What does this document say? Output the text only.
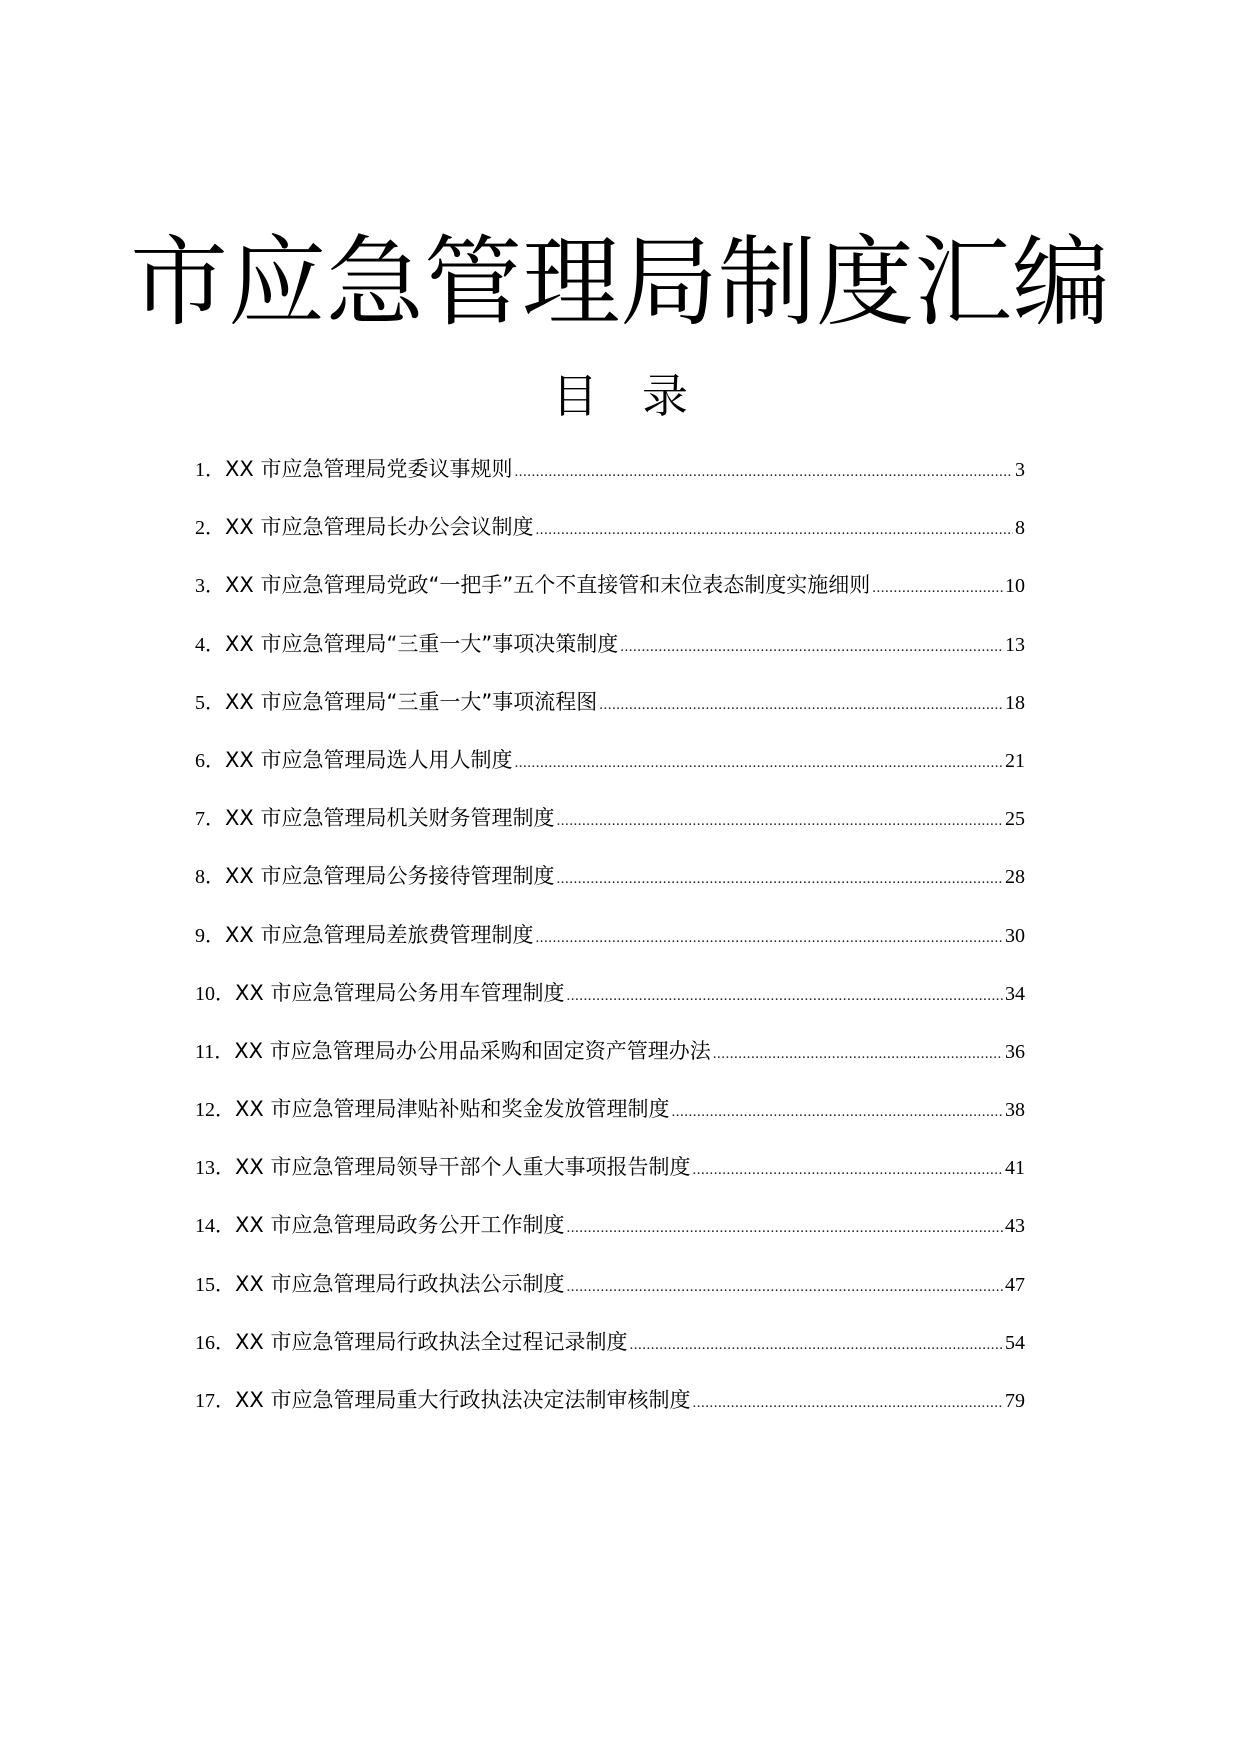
市应急管理局制度汇编
目录
1． XX 市应急管理局党委议事规则 .....	3
2． XX 市应急管理局长办公会议制度 .....	8
3． XX 市应急管理局党政“一把手”五个不直接管和末位表态制度实施细则 .....	10
4． XX 市应急管理局“三重一大”事项决策制度 .....	13
5． XX 市应急管理局“三重一大”事项流程图 .....	18
6． XX 市应急管理局选人用人制度 .....	21
7． XX 市应急管理局机关财务管理制度 .....	25
8． XX 市应急管理局公务接待管理制度 .....	28
9． XX 市应急管理局差旅费管理制度 .....	30
10． XX 市应急管理局公务用车管理制度 .....	34
11． XX 市应急管理局办公用品采购和固定资产管理办法 .....	36
12． XX 市应急管理局津贴补贴和奖金发放管理制度 .....	38
13． XX 市应急管理局领导干部个人重大事项报告制度 .....	41
14． XX 市应急管理局政务公开工作制度 .....	43
15． XX 市应急管理局行政执法公示制度 .....	47
16． XX 市应急管理局行政执法全过程记录制度 .....	54
17． XX 市应急管理局重大行政执法决定法制审核制度 .....	79
